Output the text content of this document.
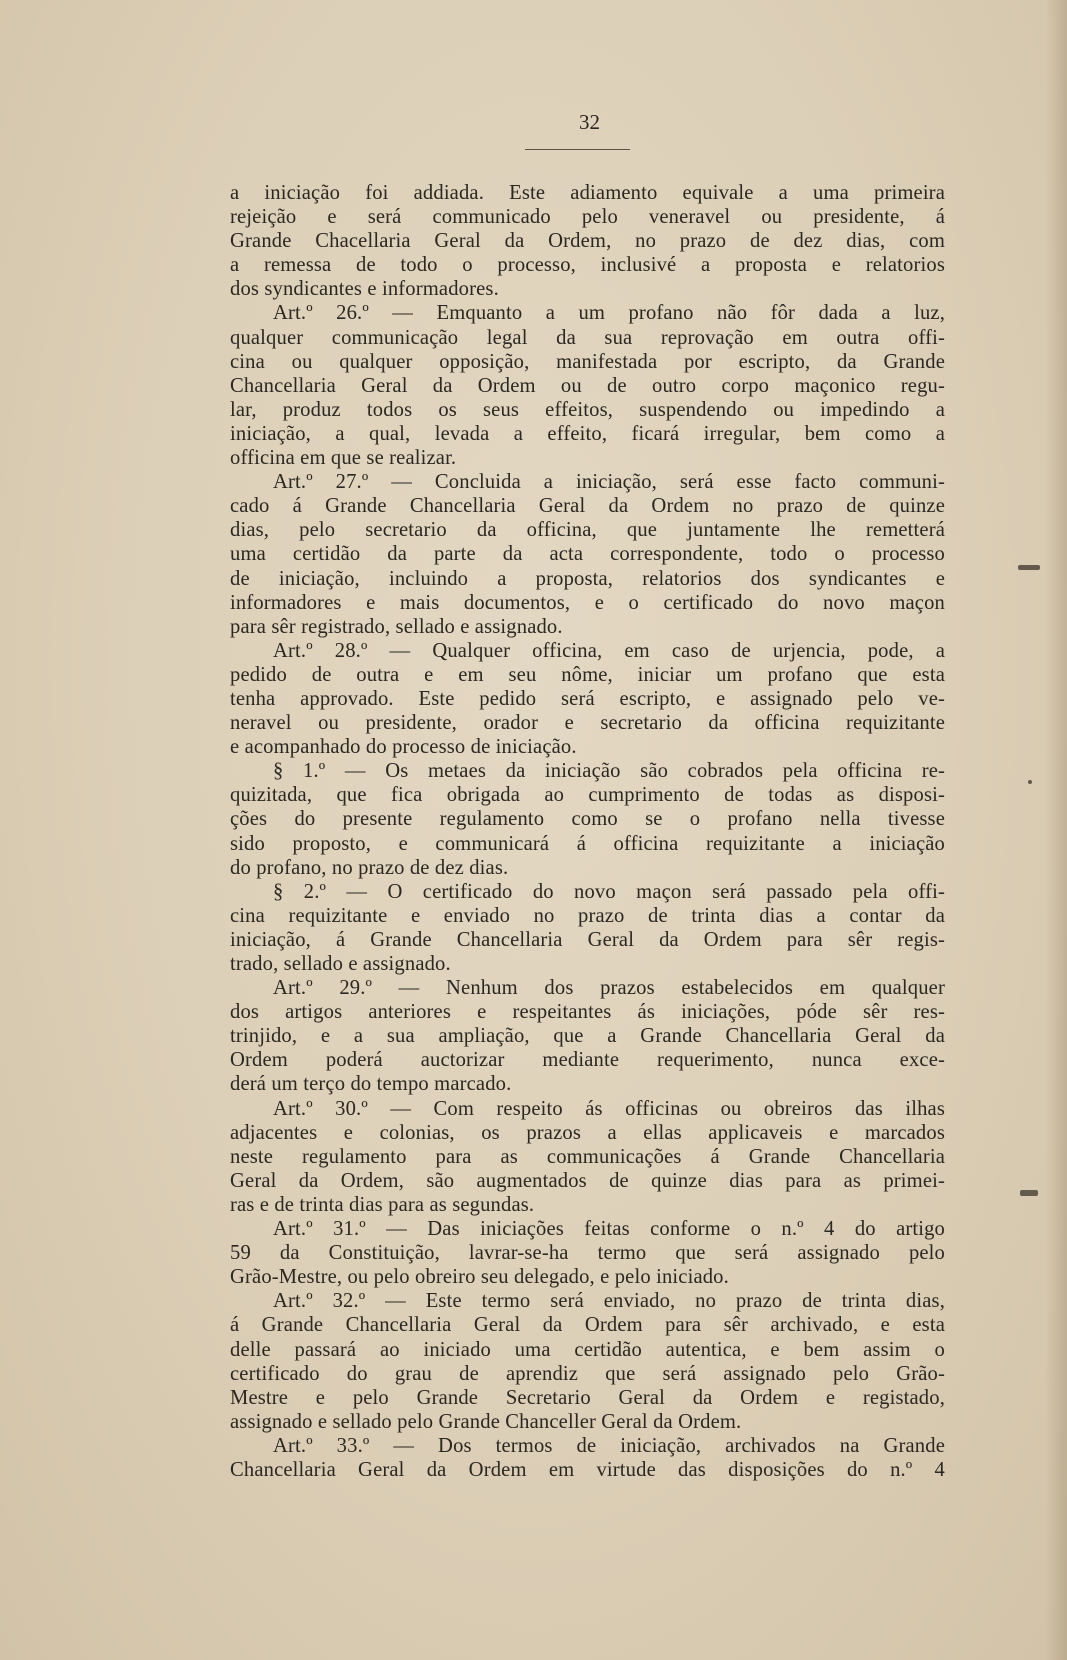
32
a iniciação foi addiada. Este adiamento equivale a uma primeira
rejeição e será communicado pelo veneravel ou presidente, á
Grande Chacellaria Geral da Ordem, no prazo de dez dias, com
a remessa de todo o processo, inclusivé a proposta e relatorios
dos syndicantes e informadores.
Art.º 26.º — Emquanto a um profano não fôr dada a luz,
qualquer communicação legal da sua reprovação em outra offi-
cina ou qualquer opposição, manifestada por escripto, da Grande
Chancellaria Geral da Ordem ou de outro corpo maçonico regu-
lar, produz todos os seus effeitos, suspendendo ou impedindo a
iniciação, a qual, levada a effeito, ficará irregular, bem como a
officina em que se realizar.
Art.º 27.º — Concluida a iniciação, será esse facto communi-
cado á Grande Chancellaria Geral da Ordem no prazo de quinze
dias, pelo secretario da officina, que juntamente lhe remetterá
uma certidão da parte da acta correspondente, todo o processo
de iniciação, incluindo a proposta, relatorios dos syndicantes e
informadores e mais documentos, e o certificado do novo maçon
para sêr registrado, sellado e assignado.
Art.º 28.º — Qualquer officina, em caso de urjencia, pode, a
pedido de outra e em seu nôme, iniciar um profano que esta
tenha approvado. Este pedido será escripto, e assignado pelo ve-
neravel ou presidente, orador e secretario da officina requizitante
e acompanhado do processo de iniciação.
§ 1.º — Os metaes da iniciação são cobrados pela officina re-
quizitada, que fica obrigada ao cumprimento de todas as disposi-
ções do presente regulamento como se o profano nella tivesse
sido proposto, e communicará á officina requizitante a iniciação
do profano, no prazo de dez dias.
§ 2.º — O certificado do novo maçon será passado pela offi-
cina requizitante e enviado no prazo de trinta dias a contar da
iniciação, á Grande Chancellaria Geral da Ordem para sêr regis-
trado, sellado e assignado.
Art.º 29.º — Nenhum dos prazos estabelecidos em qualquer
dos artigos anteriores e respeitantes ás iniciações, póde sêr res-
trinjido, e a sua ampliação, que a Grande Chancellaria Geral da
Ordem poderá auctorizar mediante requerimento, nunca exce-
derá um terço do tempo marcado.
Art.º 30.º — Com respeito ás officinas ou obreiros das ilhas
adjacentes e colonias, os prazos a ellas applicaveis e marcados
neste regulamento para as communicações á Grande Chancellaria
Geral da Ordem, são augmentados de quinze dias para as primei-
ras e de trinta dias para as segundas.
Art.º 31.º — Das iniciações feitas conforme o n.º 4 do artigo
59 da Constituição, lavrar-se-ha termo que será assignado pelo
Grão-Mestre, ou pelo obreiro seu delegado, e pelo iniciado.
Art.º 32.º — Este termo será enviado, no prazo de trinta dias,
á Grande Chancellaria Geral da Ordem para sêr archivado, e esta
delle passará ao iniciado uma certidão autentica, e bem assim o
certificado do grau de aprendiz que será assignado pelo Grão-
Mestre e pelo Grande Secretario Geral da Ordem e registado,
assignado e sellado pelo Grande Chanceller Geral da Ordem.
Art.º 33.º — Dos termos de iniciação, archivados na Grande
Chancellaria Geral da Ordem em virtude das disposições do n.º 4
